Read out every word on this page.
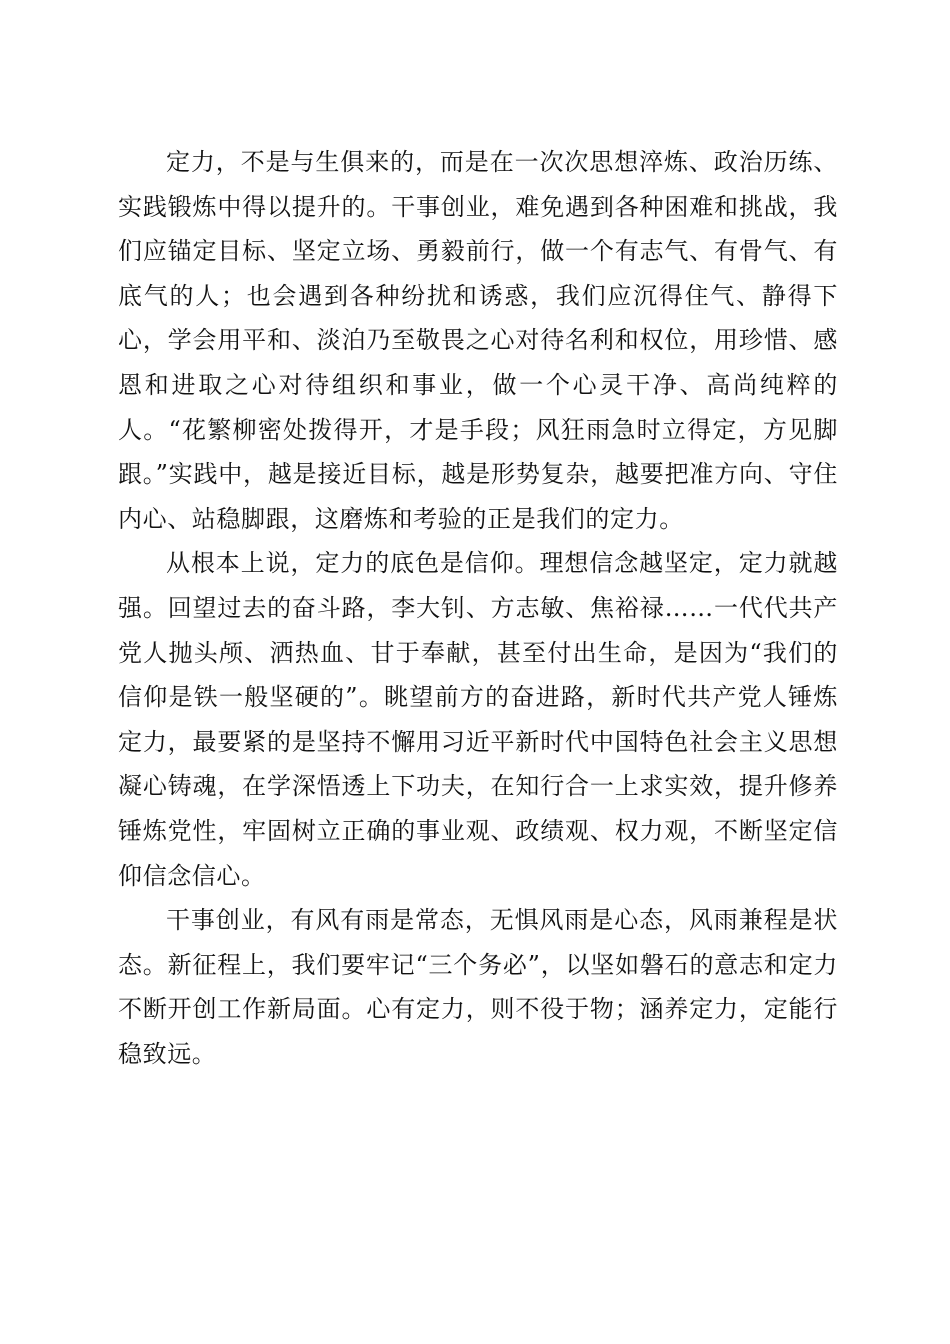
定力，不是与生俱来的，而是在一次次思想淬炼、政治历练、实践锻炼中得以提升的。干事创业，难免遇到各种困难和挑战，我们应锚定目标、坚定立场、勇毅前行，做一个有志气、有骨气、有底气的人；也会遇到各种纷扰和诱惑，我们应沉得住气、静得下心，学会用平和、淡泊乃至敬畏之心对待名利和权位，用珍惜、感恩和进取之心对待组织和事业，做一个心灵干净、高尚纯粹的人。“花繁柳密处拨得开，才是手段；风狂雨急时立得定，方见脚跟。”实践中，越是接近目标，越是形势复杂，越要把准方向、守住内心、站稳脚跟，这磨炼和考验的正是我们的定力。

从根本上说，定力的底色是信仰。理想信念越坚定，定力就越强。回望过去的奋斗路，李大钊、方志敏、焦裕禄……一代代共产党人抛头颅、洒热血、甘于奉献，甚至付出生命，是因为“我们的信仰是铁一般坚硬的”。眺望前方的奋进路，新时代共产党人锤炼定力，最要紧的是坚持不懈用习近平新时代中国特色社会主义思想凝心铸魂，在学深悟透上下功夫，在知行合一上求实效，提升修养锤炼党性，牢固树立正确的事业观、政绩观、权力观，不断坚定信仰信念信心。

干事创业，有风有雨是常态，无惧风雨是心态，风雨兼程是状态。新征程上，我们要牢记“三个务必”，以坚如磐石的意志和定力不断开创工作新局面。心有定力，则不役于物；涵养定力，定能行稳致远。
